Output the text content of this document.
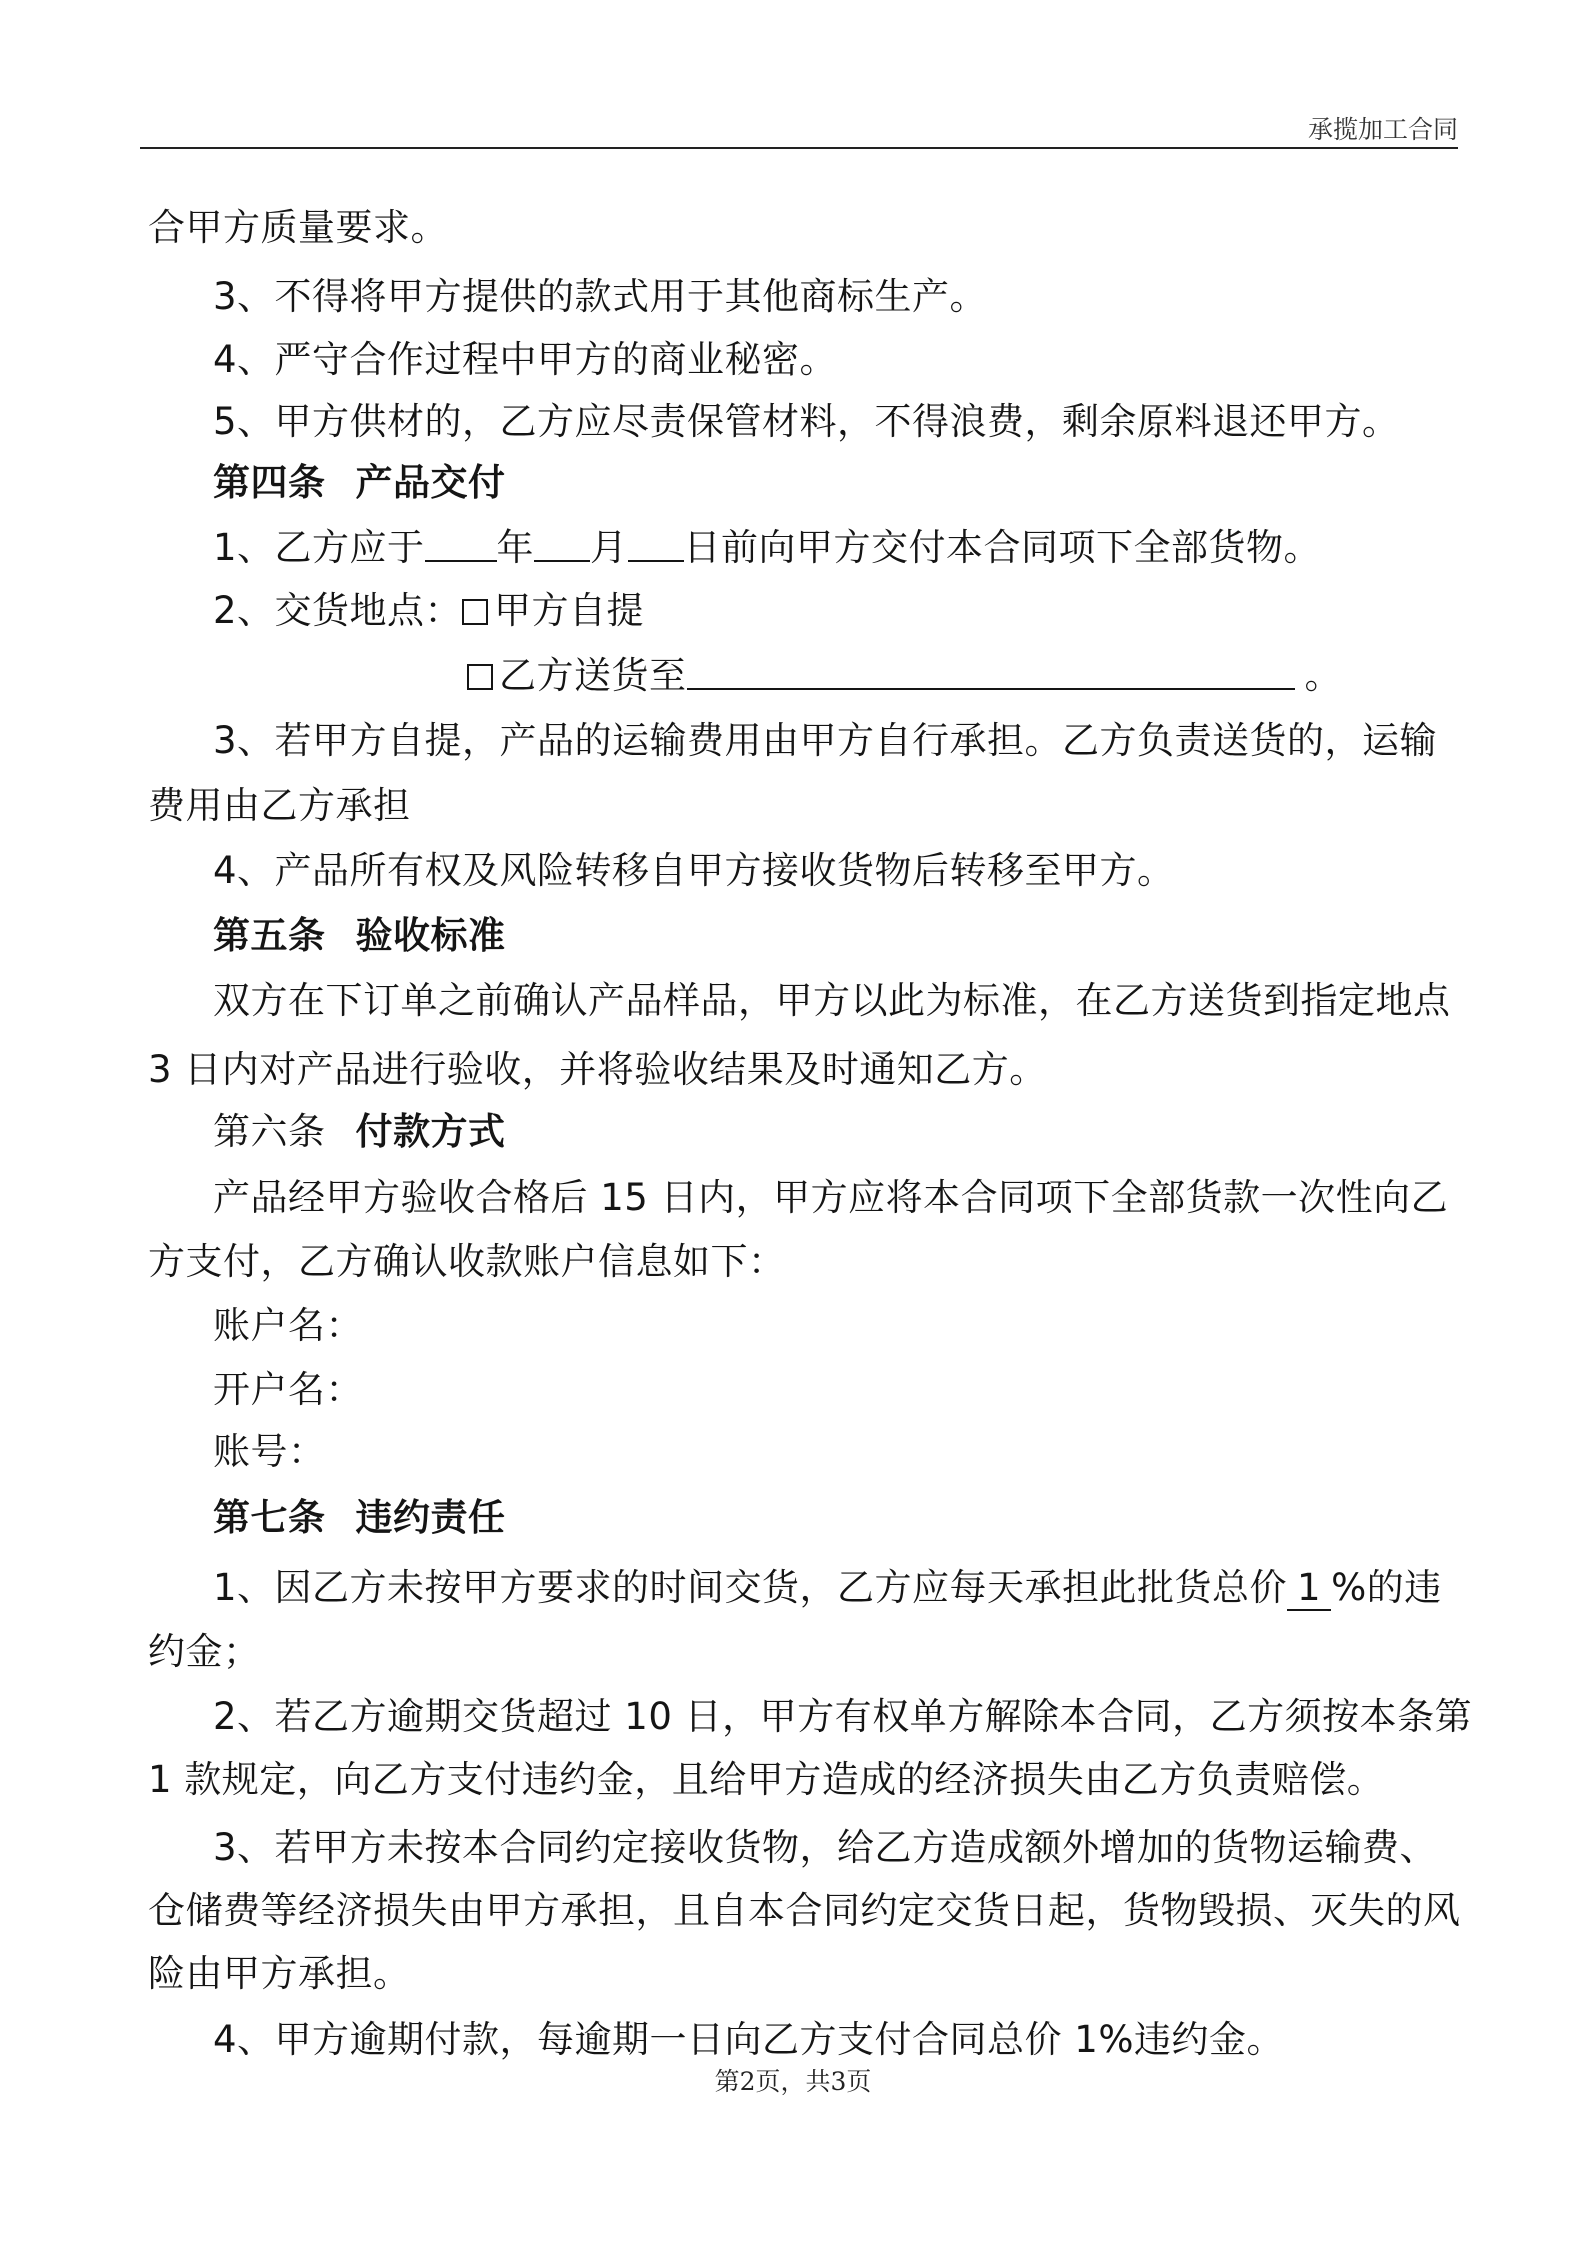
承揽加工合同
合甲方质量要求。
3、不得将甲方提供的款式用于其他商标生产。
4、严守合作过程中甲方的商业秘密。
5、甲方供材的，乙方应尽责保管材料，不得浪费，剩余原料退还甲方。
第四条 产品交付
1、乙方应于 年 月 日前向甲方交付本合同项下全部货物。
2、交货地点： 甲方自提
乙方送货至	。
3、若甲方自提，产品的运输费用由甲方自行承担。乙方负责送货的，运输
费用由乙方承担
4、产品所有权及风险转移自甲方接收货物后转移至甲方。
第五条 验收标准
双方在下订单之前确认产品样品，甲方以此为标准，在乙方送货到指定地点
3 日内对产品进行验收，并将验收结果及时通知乙方。
第六条 付款方式
产品经甲方验收合格后 15 日内，甲方应将本合同项下全部货款一次性向乙
方支付，乙方确认收款账户信息如下：
账户名：
开户名：
账号：
第七条 违约责任
1、因乙方未按甲方要求的时间交货，乙方应每天承担此批货总价 1 %的违
约金；
2、若乙方逾期交货超过 10 日，甲方有权单方解除本合同，乙方须按本条第
1 款规定，向乙方支付违约金，且给甲方造成的经济损失由乙方负责赔偿。
3、若甲方未按本合同约定接收货物，给乙方造成额外增加的货物运输费、
仓储费等经济损失由甲方承担，且自本合同约定交货日起，货物毁损、灭失的风
险由甲方承担。
4、甲方逾期付款，每逾期一日向乙方支付合同总价 1%违约金。
第2页，共3页
